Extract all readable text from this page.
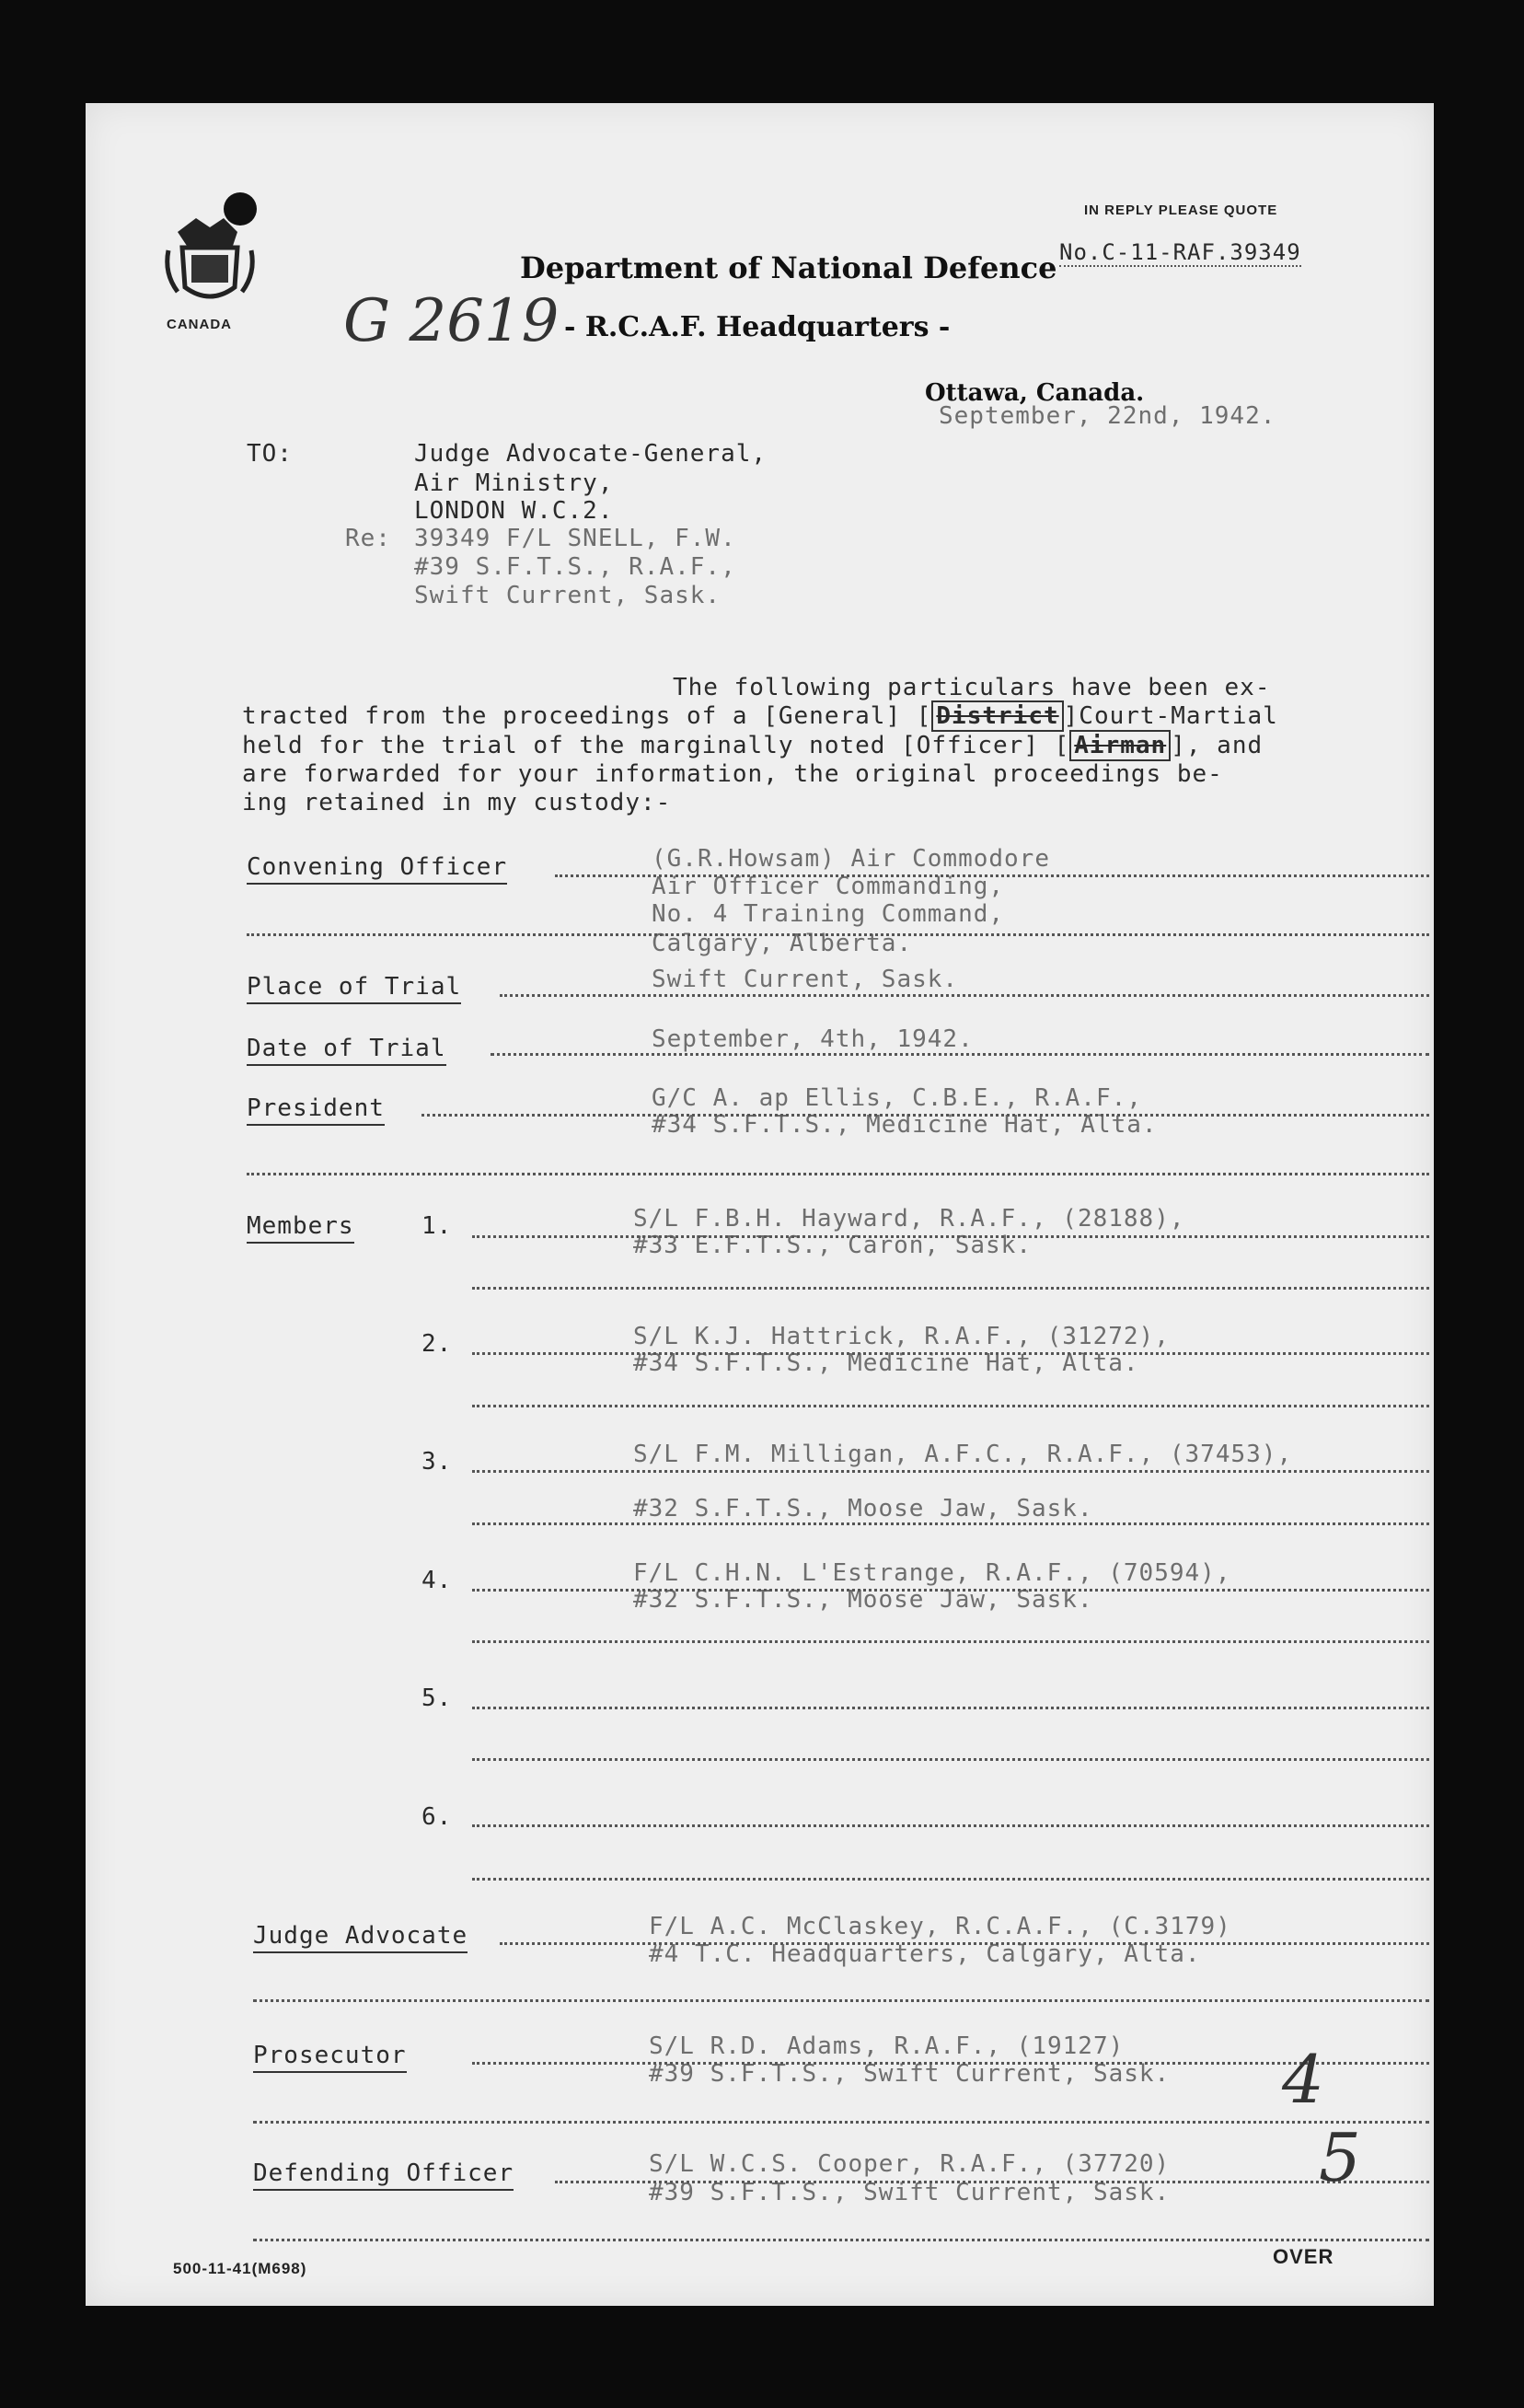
CANADA G 2619
Department of National Defence
- R.C.A.F. Headquarters -
IN REPLY PLEASE QUOTE
No.C-11-RAF.39349
Ottawa, Canada.
September, 22nd, 1942.
TO:	Judge Advocate-General,
Air Ministry,
LONDON W.C.2.
Re: 39349 F/L SNELL, F.W.
#39 S.F.T.S., R.A.F.,
Swift Current, Sask.
The following particulars have been ex-
tracted from the proceedings of a [General] [ District ]Court-Martial
held for the trial of the marginally noted [Officer] [ Airman ], and
are forwarded for your information, the original proceedings be-
ing retained in my custody:-
Convening Officer	(G.R.Howsam) Air Commodore
Air Officer Commanding,
No. 4 Training Command,
Calgary, Alberta.
Place of Trial	Swift Current, Sask.
Date of Trial	September, 4th, 1942.
President	G/C A. ap Ellis, C.B.E., R.A.F.,
#34 S.F.T.S., Medicine Hat, Alta.
Members	1.	S/L F.B.H. Hayward, R.A.F., (28188),
#33 E.F.T.S., Caron, Sask.
2.	S/L K.J. Hattrick, R.A.F., (31272),
#34 S.F.T.S., Medicine Hat, Alta.
3.	S/L F.M. Milligan, A.F.C., R.A.F., (37453),
#32 S.F.T.S., Moose Jaw, Sask.
4.	F/L C.H.N. L'Estrange, R.A.F., (70594),
#32 S.F.T.S., Moose Jaw, Sask.
5.
6.
Judge Advocate	F/L A.C. McClaskey, R.C.A.F., (C.3179)
#4 T.C. Headquarters, Calgary, Alta.
Prosecutor	S/L R.D. Adams, R.A.F., (19127)
#39 S.F.T.S., Swift Current, Sask.
Defending Officer	S/L W.C.S. Cooper, R.A.F., (37720)
#39 S.F.T.S., Swift Current, Sask.
4
5
500-11-41(M698)
OVER
